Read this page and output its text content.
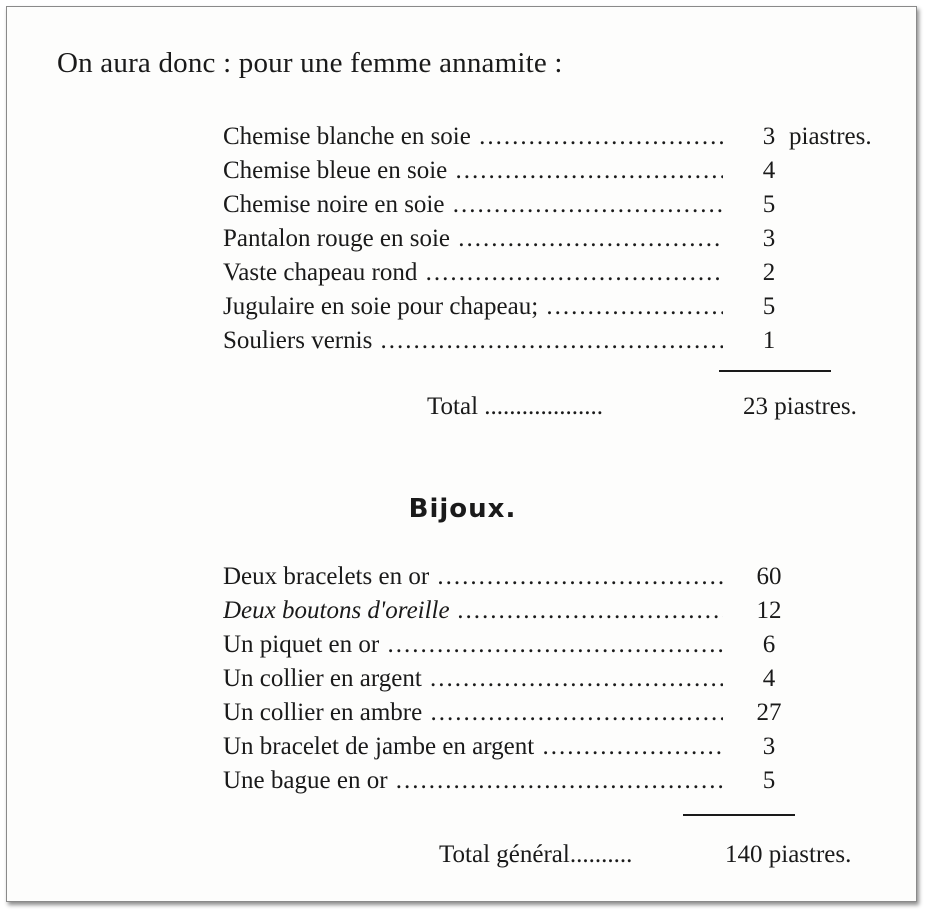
On aura donc : pour une femme annamite :
Chemise blanche en soie .....	3 piastres.
Chemise bleue en soie .....	4
Chemise noire en soie .....	5
Pantalon rouge en soie .....	3
Vaste chapeau rond .....	2
Jugulaire en soie pour chapeau; .....	5
Souliers vernis .....	1
Total ...................	23 piastres.
Bijoux.
Deux bracelets en or .....	60
Deux boutons d'oreille .....	12
Un piquet en or .....	6
Un collier en argent .....	4
Un collier en ambre .....	27
Un bracelet de jambe en argent .....	3
Une bague en or .....	5
Total général..........	140 piastres.
